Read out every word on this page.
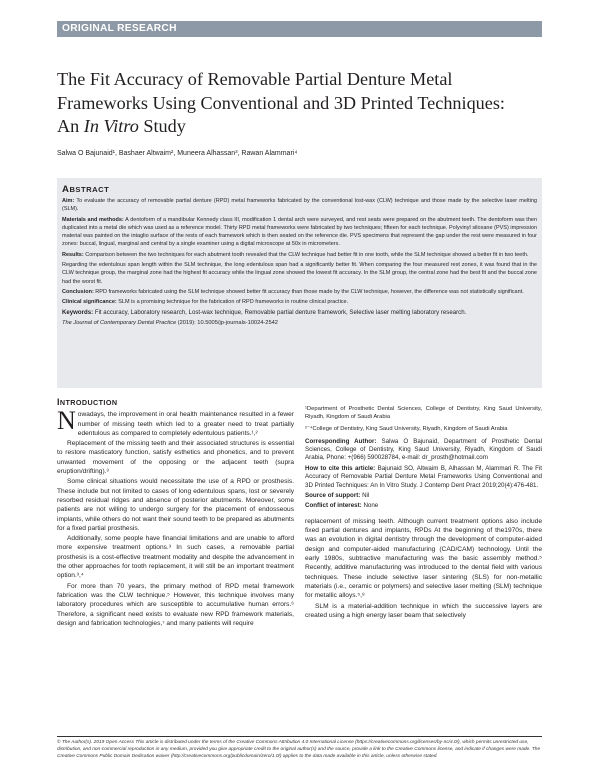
ORIGINAL RESEARCH
The Fit Accuracy of Removable Partial Denture Metal
Frameworks Using Conventional and 3D Printed Techniques:
An In Vitro Study
Salwa O Bajunaid¹, Bashaer Altwaim², Muneera Alhassan³, Rawan Alammari⁴
ABSTRACT

Aim: To evaluate the accuracy of removable partial denture (RPD) metal frameworks fabricated by the conventional lost-wax (CLW) technique and those made by the selective laser melting (SLM).

Materials and methods: A dentoform of a mandibular Kennedy class III, modification 1 dental arch were surveyed, and rest seats were prepared on the abutment teeth. The dentoform was then duplicated into a metal die which was used as a reference model. Thirty RPD metal frameworks were fabricated by two techniques; fifteen for each technique. Polyvinyl siloxane (PVS) impression material was painted on the intaglio surface of the rests of each framework which is then seated on the reference die. PVS specimens that represent the gap under the rest were measured in four zones: buccal, lingual, marginal and central by a single examiner using a digital microscope at 50x in micrometers.

Results: Comparison between the two techniques for each abutment tooth revealed that the CLW technique had better fit in one tooth, while the SLM technique showed a better fit in two teeth.

Regarding the edentulous span length within the SLM technique, the long edentulous span had a significantly better fit. When comparing the four measured rest zones, it was found that in the CLW technique group, the marginal zone had the highest fit accuracy while the lingual zone showed the lowest fit accuracy. In the SLM group, the central zone had the best fit and the buccal zone had the worst fit.

Conclusion: RPD frameworks fabricated using the SLM technique showed better fit accuracy than those made by the CLW technique, however, the difference was not statistically significant.

Clinical significance: SLM is a promising technique for the fabrication of RPD frameworks in routine clinical practice.

Keywords: Fit accuracy, Laboratory research, Lost-wax technique, Removable partial denture framework, Selective laser melting laboratory research.

The Journal of Contemporary Dental Practice (2019): 10.5005/jp-journals-10024-2542
INTRODUCTION

Nowadays, the improvement in oral health maintenance resulted in a fewer number of missing teeth which led to a greater need to treat partially edentulous as compared to completely edentulous patients.¹,²

Replacement of the missing teeth and their associated structures is essential to restore masticatory function, satisfy esthetics and phonetics, and to prevent unwanted movement of the opposing or the adjacent teeth (supra eruption/drifting).³

Some clinical situations would necessitate the use of a RPD or prosthesis. These include but not limited to cases of long edentulous spans, lost or severely resorbed residual ridges and absence of posterior abutments. Moreover, some patients are not willing to undergo surgery for the placement of endosseous implants, while others do not want their sound teeth to be prepared as abutments for a fixed partial prosthesis.

Additionally, some people have financial limitations and are unable to afford more expensive treatment options.³ In such cases, a removable partial prosthesis is a cost-effective treatment modality and despite the advancement in the other approaches for tooth replacement, it will still be an important treatment option.³,⁴

For more than 70 years, the primary method of RPD metal framework fabrication was the CLW technique.⁵ However, this technique involves many laboratory procedures which are susceptible to accumulative human errors.⁶ Therefore, a significant need exists to evaluate new RPD framework materials, design and fabrication technologies,⁷ and many patients will require

¹Department of Prosthetic Dental Sciences, College of Dentistry, King Saud University, Riyadh, Kingdom of Saudi Arabia
²⁻⁴College of Dentistry, King Saud University, Riyadh, Kingdom of Saudi Arabia
Corresponding Author: Salwa O Bajunaid, Department of Prosthetic Dental Sciences, College of Dentistry, King Saud University, Riyadh, Kingdom of Saudi Arabia, Phone: +(966) 590028784, e-mail: dr_prosth@hotmail.com
How to cite this article: Bajunaid SO, Altwaim B, Alhassan M, Alammari R. The Fit Accuracy of Removable Partial Denture Metal Frameworks Using Conventional and 3D Printed Techniques: An In Vitro Study. J Contemp Dent Pract 2019;20(4):476-481.
Source of support: Nil
Conflict of interest: None

replacement of missing teeth. Although current treatment options also include fixed partial dentures and implants, RPDs At the beginning of the1970s, there was an evolution in digital dentistry through the development of computer-aided design and computer-aided manufacturing (CAD/CAM) technology. Until the early 1980s, subtractive manufacturing was the basic assembly method.⁵ Recently, additive manufacturing was introduced to the dental field with various techniques. These include selective laser sintering (SLS) for non-metallic materials (i.e., ceramic or polymers) and selective laser melting (SLM) technique for metallic alloys.⁵,⁸

SLM is a material-addition technique in which the successive layers are created using a high energy laser beam that selectively

© The Author(s). 2019 Open Access This article is distributed under the terms of the Creative Commons Attribution 4.0 International License (https://creativecommons.org/licenses/by-nc/4.0/), which permits unrestricted use, distribution, and non-commercial reproduction in any medium, provided you give appropriate credit to the original author(s) and the source, provide a link to the Creative Commons license, and indicate if changes were made. The Creative Commons Public Domain Dedication waiver (http://creativecommons.org/publicdomain/zero/1.0/) applies to the data made available in this article, unless otherwise stated.
